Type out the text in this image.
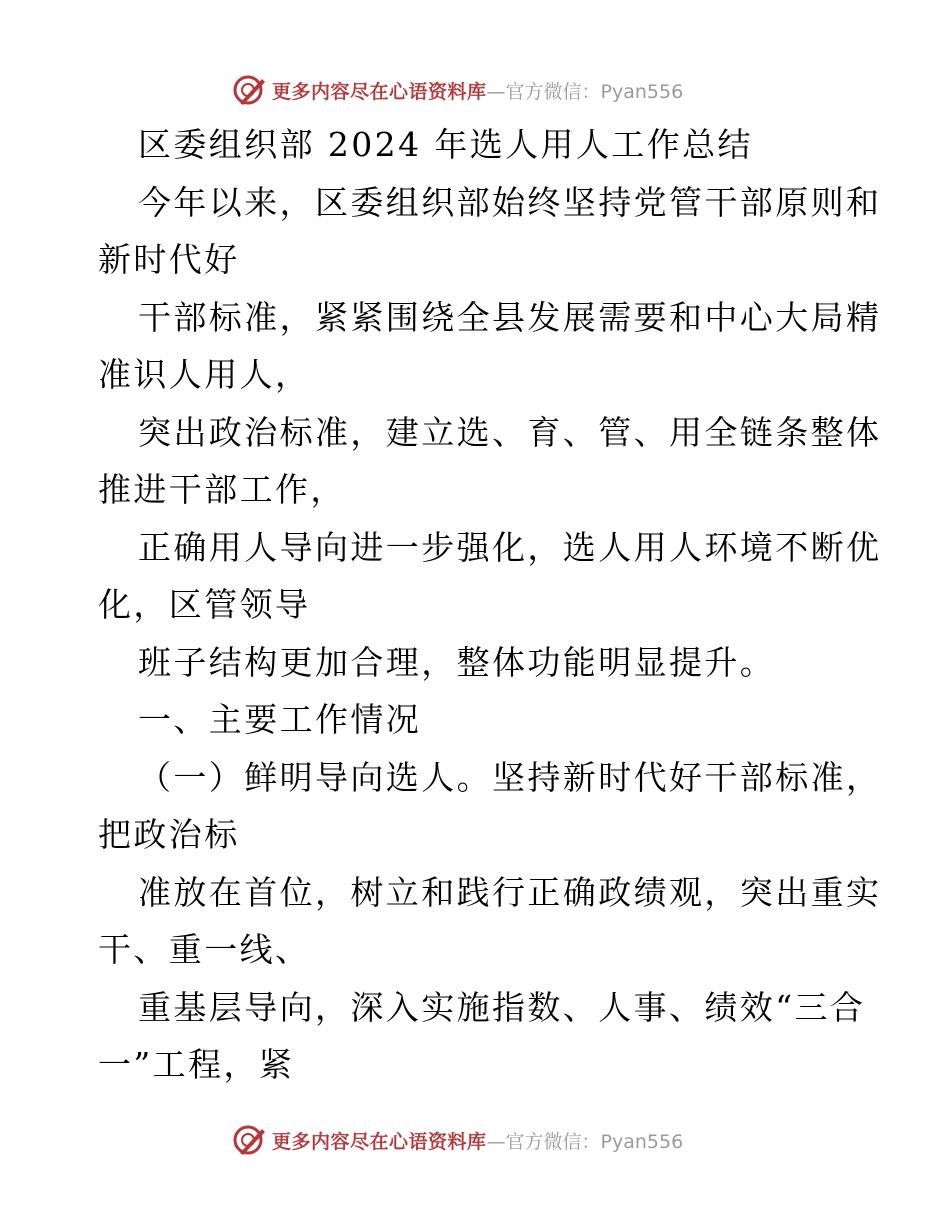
更多内容尽在心语资料库 —官方微信：Pyan556
区委组织部 2024 年选人用人工作总结
今年以来，区委组织部始终坚持党管干部原则和
新时代好
干部标准，紧紧围绕全县发展需要和中心大局精
准识人用人，
突出政治标准，建立选、育、管、用全链条整体
推进干部工作，
正确用人导向进一步强化，选人用人环境不断优
化，区管领导
班子结构更加合理，整体功能明显提升。
一、主要工作情况
（一）鲜明导向选人。坚持新时代好干部标准，
把政治标
准放在首位，树立和践行正确政绩观，突出重实
干、重一线、
重基层导向，深入实施指数、人事、绩效“三合
一”工程，紧
更多内容尽在心语资料库 —官方微信：Pyan556
